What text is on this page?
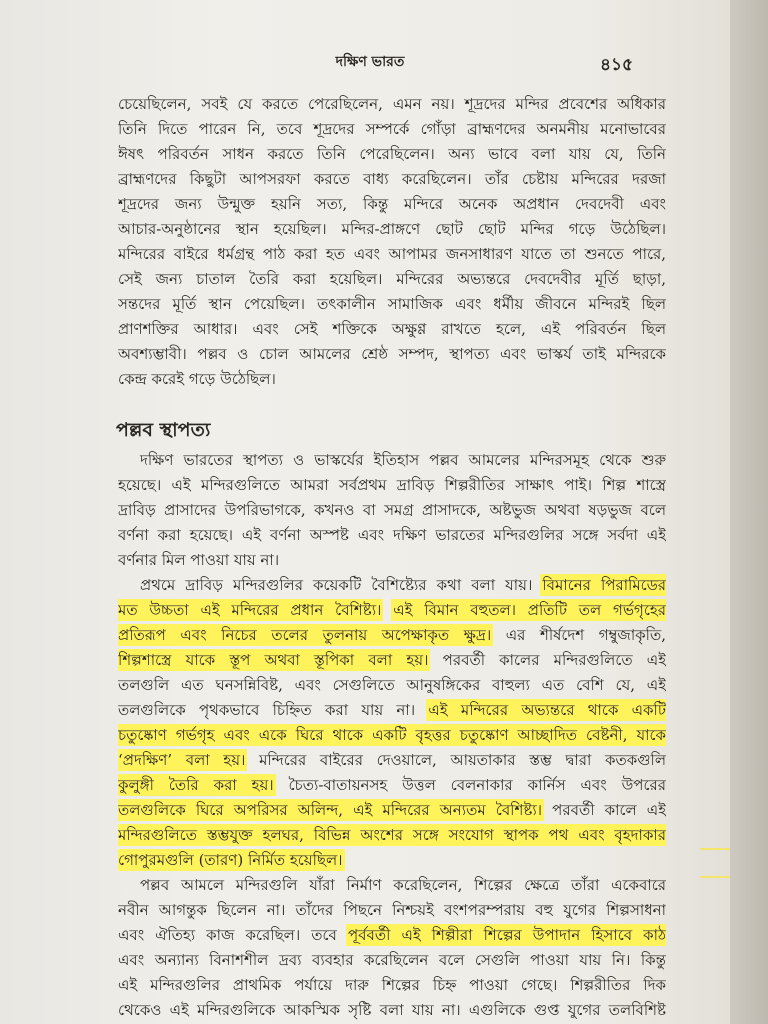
দক্ষিণ ভারত	৪১৫
চেয়েছিলেন, সবই যে করতে পেরেছিলেন, এমন নয়। শূদ্রদের মন্দির প্রবেশের অধিকার
তিনি দিতে পারেন নি, তবে শূদ্রদের সম্পর্কে গোঁড়া ব্রাহ্মণদের অনমনীয় মনোভাবের
ঈষৎ পরিবর্তন সাধন করতে তিনি পেরেছিলেন। অন্য ভাবে বলা যায় যে, তিনি
ব্রাহ্মণদের কিছুটা আপসরফা করতে বাধ্য করেছিলেন। তাঁর চেষ্টায় মন্দিরের দরজা
শূদ্রদের জন্য উন্মুক্ত হয়নি সত্য, কিন্তু মন্দিরে অনেক অপ্রধান দেবদেবী এবং
আচার-অনুষ্ঠানের স্থান হয়েছিল। মন্দির-প্রাঙ্গণে ছোট ছোট মন্দির গড়ে উঠেছিল।
মন্দিরের বাইরে ধর্মগ্রন্থ পাঠ করা হত এবং আপামর জনসাধারণ যাতে তা শুনতে পারে,
সেই জন্য চাতাল তৈরি করা হয়েছিল। মন্দিরের অভ্যন্তরে দেবদেবীর মূর্তি ছাড়া,
সন্তদের মূর্তি স্থান পেয়েছিল। তৎকালীন সামাজিক এবং ধর্মীয় জীবনে মন্দিরই ছিল
প্রাণশক্তির আধার। এবং সেই শক্তিকে অক্ষুণ্ণ রাখতে হলে, এই পরিবর্তন ছিল
অবশ্যম্ভাবী। পল্লব ও চোল আমলের শ্রেষ্ঠ সম্পদ, স্থাপত্য এবং ভাস্কর্য তাই মন্দিরকে
কেন্দ্র করেই গড়ে উঠেছিল।
পল্লব স্থাপত্য
দক্ষিণ ভারতের স্থাপত্য ও ভাস্কর্যের ইতিহাস পল্লব আমলের মন্দিরসমূহ থেকে শুরু
হয়েছে। এই মন্দিরগুলিতে আমরা সর্বপ্রথম দ্রাবিড় শিল্পরীতির সাক্ষাৎ পাই। শিল্প শাস্ত্রে
দ্রাবিড় প্রাসাদের উপরিভাগকে, কখনও বা সমগ্র প্রাসাদকে, অষ্টভুজ অথবা ষড়ভুজ বলে
বর্ণনা করা হয়েছে। এই বর্ণনা অস্পষ্ট এবং দক্ষিণ ভারতের মন্দিরগুলির সঙ্গে সর্বদা এই
বর্ণনার মিল পাওয়া যায় না।
প্রথমে দ্রাবিড় মন্দিরগুলির কয়েকটি বৈশিষ্ট্যের কথা বলা যায়। বিমানের পিরামিডের
মত উচ্চতা এই মন্দিরের প্রধান বৈশিষ্ট্য। এই বিমান বহুতল। প্রতিটি তল গর্ভগৃহের
প্রতিরূপ এবং নিচের তলের তুলনায় অপেক্ষাকৃত ক্ষুদ্র। এর শীর্ষদেশ গম্বুজাকৃতি,
শিল্পশাস্ত্রে যাকে স্তূপ অথবা স্তূপিকা বলা হয়। পরবর্তী কালের মন্দিরগুলিতে এই
তলগুলি এত ঘনসন্নিবিষ্ট, এবং সেগুলিতে আনুষঙ্গিকের বাহুল্য এত বেশি যে, এই
তলগুলিকে পৃথকভাবে চিহ্নিত করা যায় না। এই মন্দিরের অভ্যন্তরে থাকে একটি
চতুষ্কোণ গর্ভগৃহ এবং একে ঘিরে থাকে একটি বৃহত্তর চতুষ্কোণ আচ্ছাদিত বেষ্টনী, যাকে
‘প্রদক্ষিণ’ বলা হয়। মন্দিরের বাইরের দেওয়ালে, আয়তাকার স্তম্ভ দ্বারা কতকগুলি
কুলুঙ্গী তৈরি করা হয়। চৈত্য-বাতায়নসহ উত্তল বেলনাকার কার্নিস এবং উপরের
তলগুলিকে ঘিরে অপরিসর অলিন্দ, এই মন্দিরের অন্যতম বৈশিষ্ট্য। পরবর্তী কালে এই
মন্দিরগুলিতে স্তম্ভযুক্ত হলঘর, বিভিন্ন অংশের সঙ্গে সংযোগ স্থাপক পথ এবং বৃহদাকার
গোপুরমগুলি (তারণ) নির্মিত হয়েছিল।
পল্লব আমলে মন্দিরগুলি যাঁরা নির্মাণ করেছিলেন, শিল্পের ক্ষেত্রে তাঁরা একেবারে
নবীন আগন্তুক ছিলেন না। তাঁদের পিছনে নিশ্চয়ই বংশপরম্পরায় বহু যুগের শিল্পসাধনা
এবং ঐতিহ্য কাজ করেছিল। তবে পূর্ববর্তী এই শিল্পীরা শিল্পের উপাদান হিসাবে কাঠ
এবং অন্যান্য বিনাশশীল দ্রব্য ব্যবহার করেছিলেন বলে সেগুলি পাওয়া যায় নি। কিন্তু
এই মন্দিরগুলির প্রাথমিক পর্যায়ে দারু শিল্পের চিহ্ন পাওয়া গেছে। শিল্পরীতির দিক
থেকেও এই মন্দিরগুলিকে আকস্মিক সৃষ্টি বলা যায় না। এগুলিকে গুপ্ত যুগের তলবিশিষ্ট
